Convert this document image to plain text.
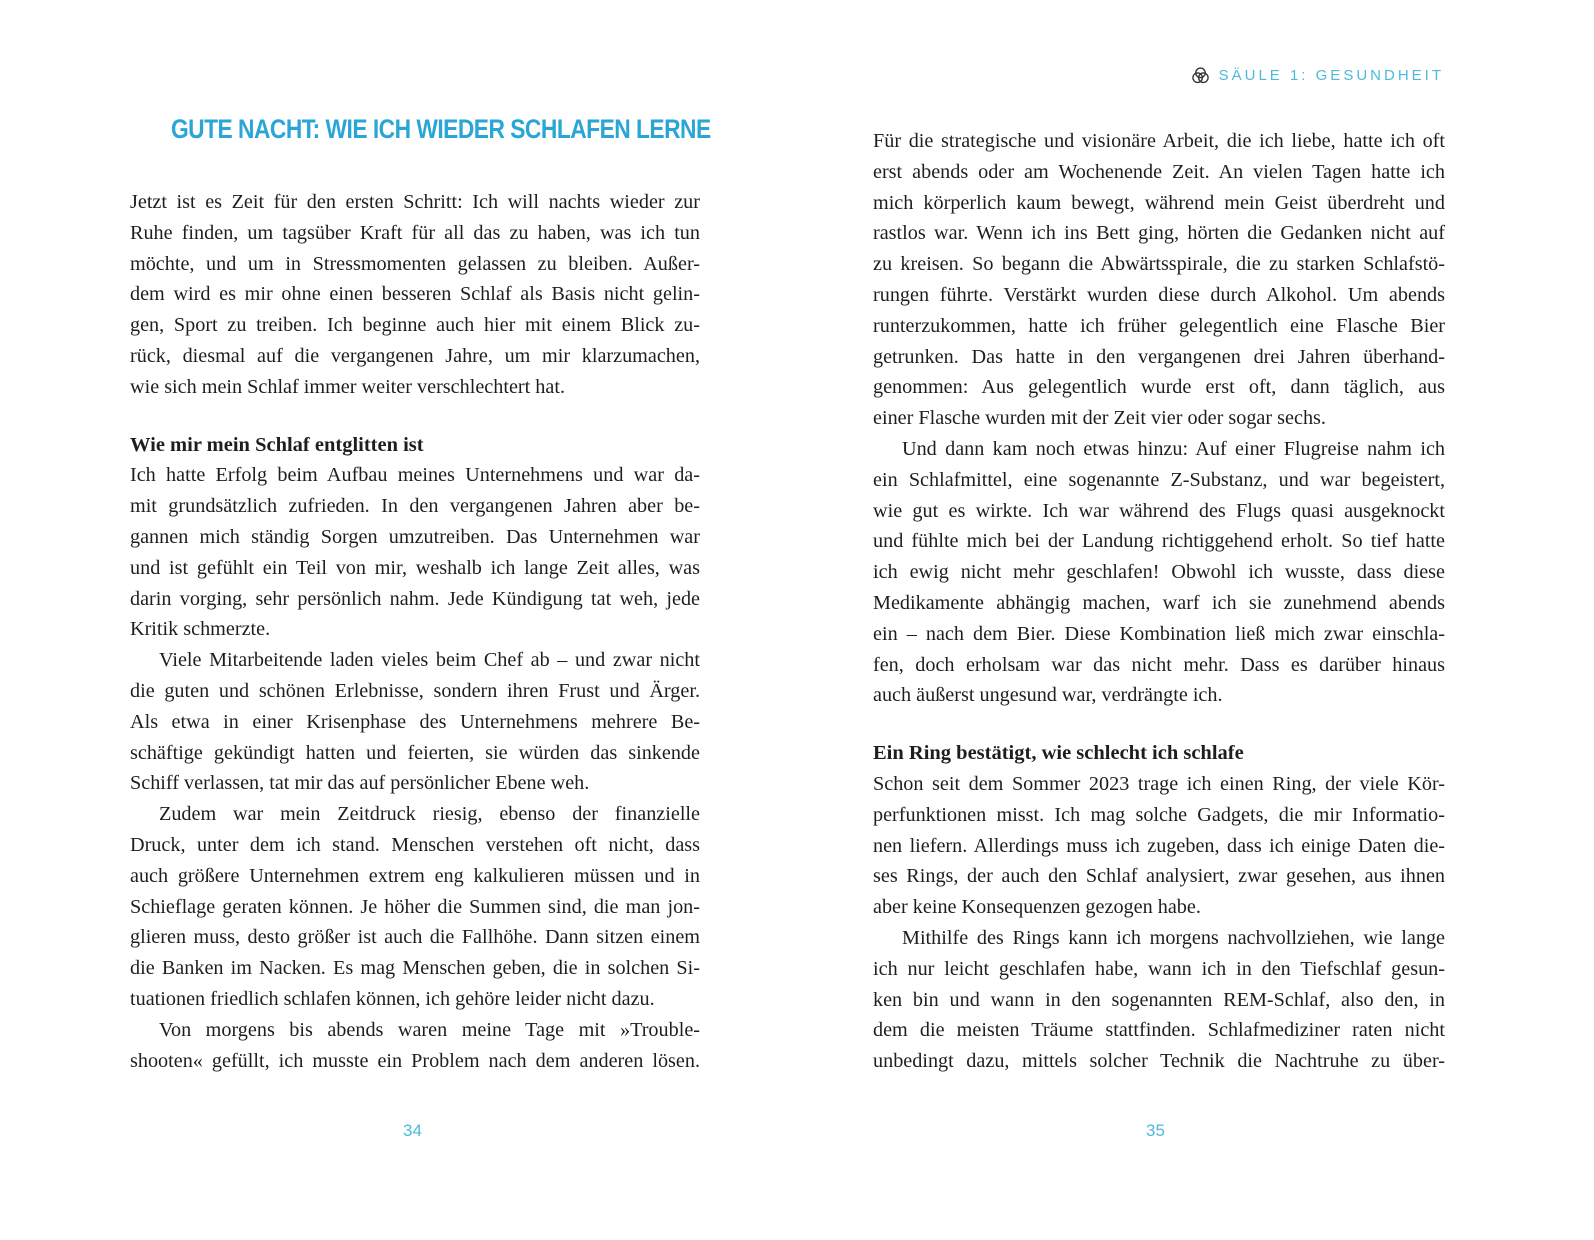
GUTE NACHT: WIE ICH WIEDER SCHLAFEN LERNE

Jetzt ist es Zeit für den ersten Schritt: Ich will nachts wieder zur
Ruhe finden, um tagsüber Kraft für all das zu haben, was ich tun
möchte, und um in Stressmomenten gelassen zu bleiben. Außer-
dem wird es mir ohne einen besseren Schlaf als Basis nicht gelin-
gen, Sport zu treiben. Ich beginne auch hier mit einem Blick zu-
rück, diesmal auf die vergangenen Jahre, um mir klarzumachen,
wie sich mein Schlaf immer weiter verschlechtert hat.

Wie mir mein Schlaf entglitten ist

Ich hatte Erfolg beim Aufbau meines Unternehmens und war da-
mit grundsätzlich zufrieden. In den vergangenen Jahren aber be-
gannen mich ständig Sorgen umzutreiben. Das Unternehmen war
und ist gefühlt ein Teil von mir, weshalb ich lange Zeit alles, was
darin vorging, sehr persönlich nahm. Jede Kündigung tat weh, jede
Kritik schmerzte.

Viele Mitarbeitende laden vieles beim Chef ab – und zwar nicht
die guten und schönen Erlebnisse, sondern ihren Frust und Ärger.
Als etwa in einer Krisenphase des Unternehmens mehrere Be-
schäftige gekündigt hatten und feierten, sie würden das sinkende
Schiff verlassen, tat mir das auf persönlicher Ebene weh.

Zudem war mein Zeitdruck riesig, ebenso der finanzielle
Druck, unter dem ich stand. Menschen verstehen oft nicht, dass
auch größere Unternehmen extrem eng kalkulieren müssen und in
Schieflage geraten können. Je höher die Summen sind, die man jon-
glieren muss, desto größer ist auch die Fallhöhe. Dann sitzen einem
die Banken im Nacken. Es mag Menschen geben, die in solchen Si-
tuationen friedlich schlafen können, ich gehöre leider nicht dazu.

Von morgens bis abends waren meine Tage mit »Trouble-
shooten« gefüllt, ich musste ein Problem nach dem anderen lösen.

34
SÄULE 1: GESUNDHEIT

Für die strategische und visionäre Arbeit, die ich liebe, hatte ich oft
erst abends oder am Wochenende Zeit. An vielen Tagen hatte ich
mich körperlich kaum bewegt, während mein Geist überdreht und
rastlos war. Wenn ich ins Bett ging, hörten die Gedanken nicht auf
zu kreisen. So begann die Abwärtsspirale, die zu starken Schlafstö-
rungen führte. Verstärkt wurden diese durch Alkohol. Um abends
runterzukommen, hatte ich früher gelegentlich eine Flasche Bier
getrunken. Das hatte in den vergangenen drei Jahren überhand-
genommen: Aus gelegentlich wurde erst oft, dann täglich, aus
einer Flasche wurden mit der Zeit vier oder sogar sechs.

Und dann kam noch etwas hinzu: Auf einer Flugreise nahm ich
ein Schlafmittel, eine sogenannte Z-Substanz, und war begeistert,
wie gut es wirkte. Ich war während des Flugs quasi ausgeknockt
und fühlte mich bei der Landung richtiggehend erholt. So tief hatte
ich ewig nicht mehr geschlafen! Obwohl ich wusste, dass diese
Medikamente abhängig machen, warf ich sie zunehmend abends
ein – nach dem Bier. Diese Kombination ließ mich zwar einschla-
fen, doch erholsam war das nicht mehr. Dass es darüber hinaus
auch äußerst ungesund war, verdrängte ich.

Ein Ring bestätigt, wie schlecht ich schlafe

Schon seit dem Sommer 2023 trage ich einen Ring, der viele Kör-
perfunktionen misst. Ich mag solche Gadgets, die mir Informatio-
nen liefern. Allerdings muss ich zugeben, dass ich einige Daten die-
ses Rings, der auch den Schlaf analysiert, zwar gesehen, aus ihnen
aber keine Konsequenzen gezogen habe.

Mithilfe des Rings kann ich morgens nachvollziehen, wie lange
ich nur leicht geschlafen habe, wann ich in den Tiefschlaf gesun-
ken bin und wann in den sogenannten REM-Schlaf, also den, in
dem die meisten Träume stattfinden. Schlafmediziner raten nicht
unbedingt dazu, mittels solcher Technik die Nachtruhe zu über-

35
